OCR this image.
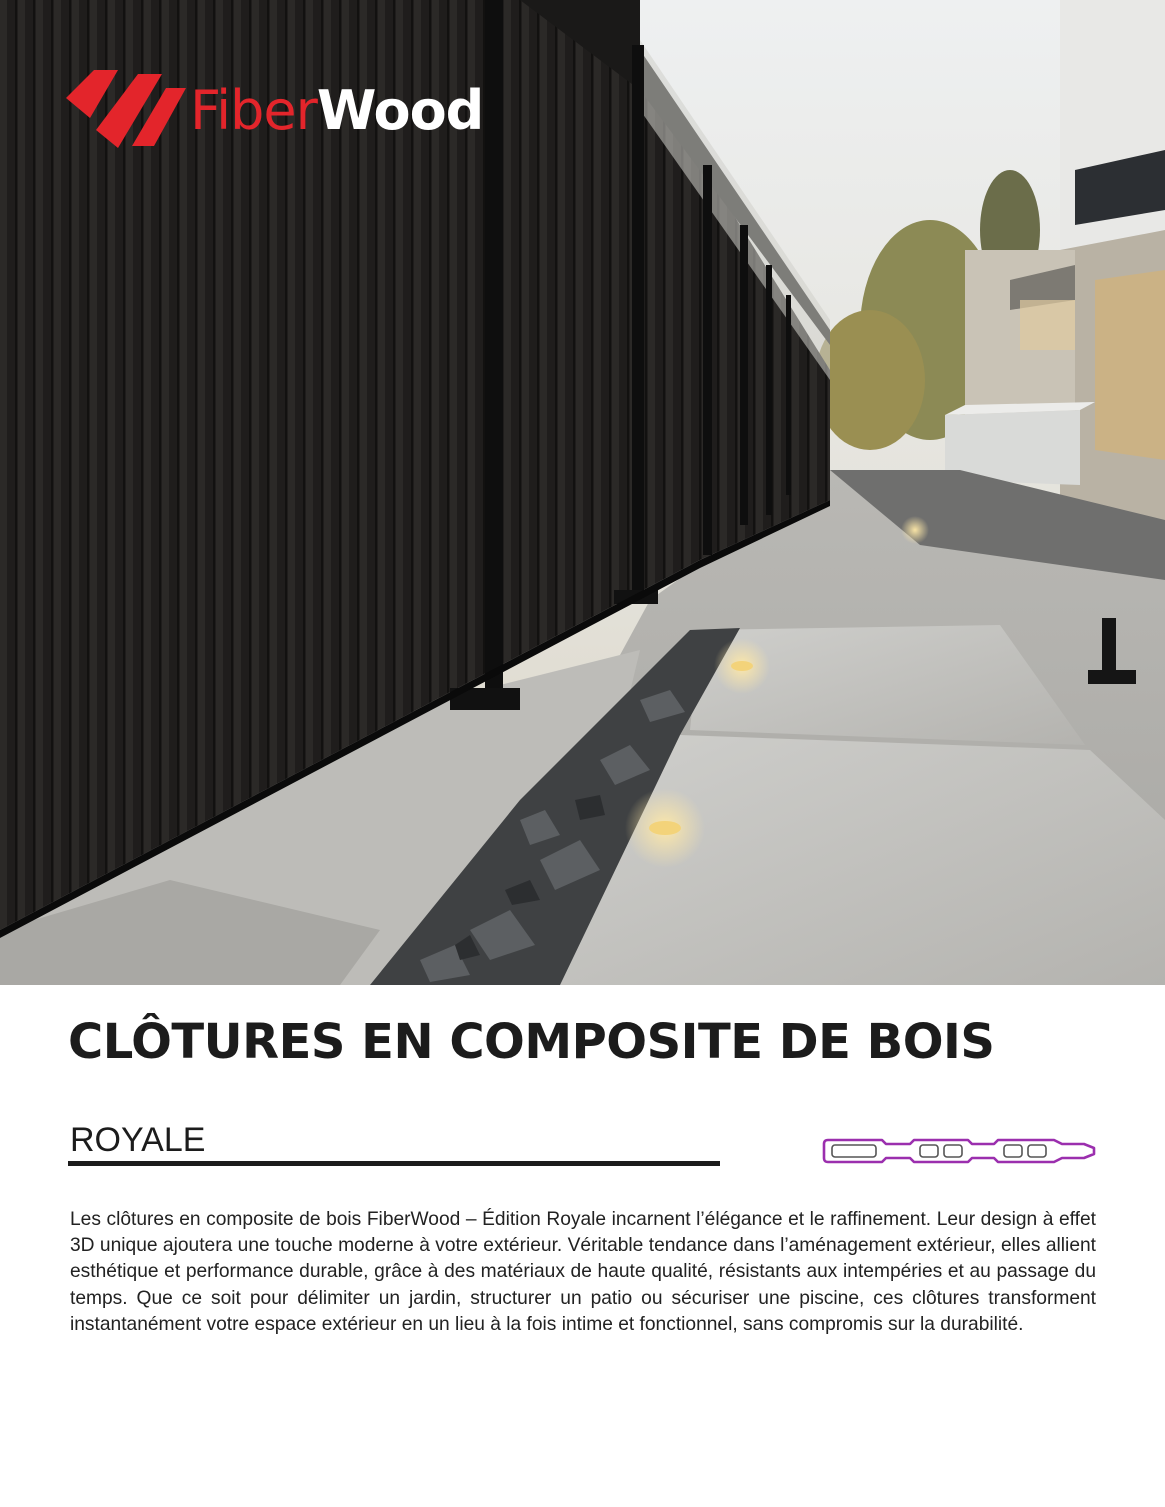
FiberWood
CLÔTURES EN COMPOSITE DE BOIS
ROYALE

Les clôtures en composite de bois FiberWood – Édition Royale incarnent l’élégance et le raffinement. Leur design à effet 3D unique ajoutera une touche moderne à votre extérieur. Véritable tendance dans l’aménagement extérieur, elles allient esthétique et performance durable, grâce à des matériaux de haute qualité, résistants aux intempéries et au passage du temps. Que ce soit pour délimiter un jardin, structurer un patio ou sécuriser une piscine, ces clôtures transforment instantanément votre espace extérieur en un lieu à la fois intime et fonctionnel, sans compromis sur la durabilité.
